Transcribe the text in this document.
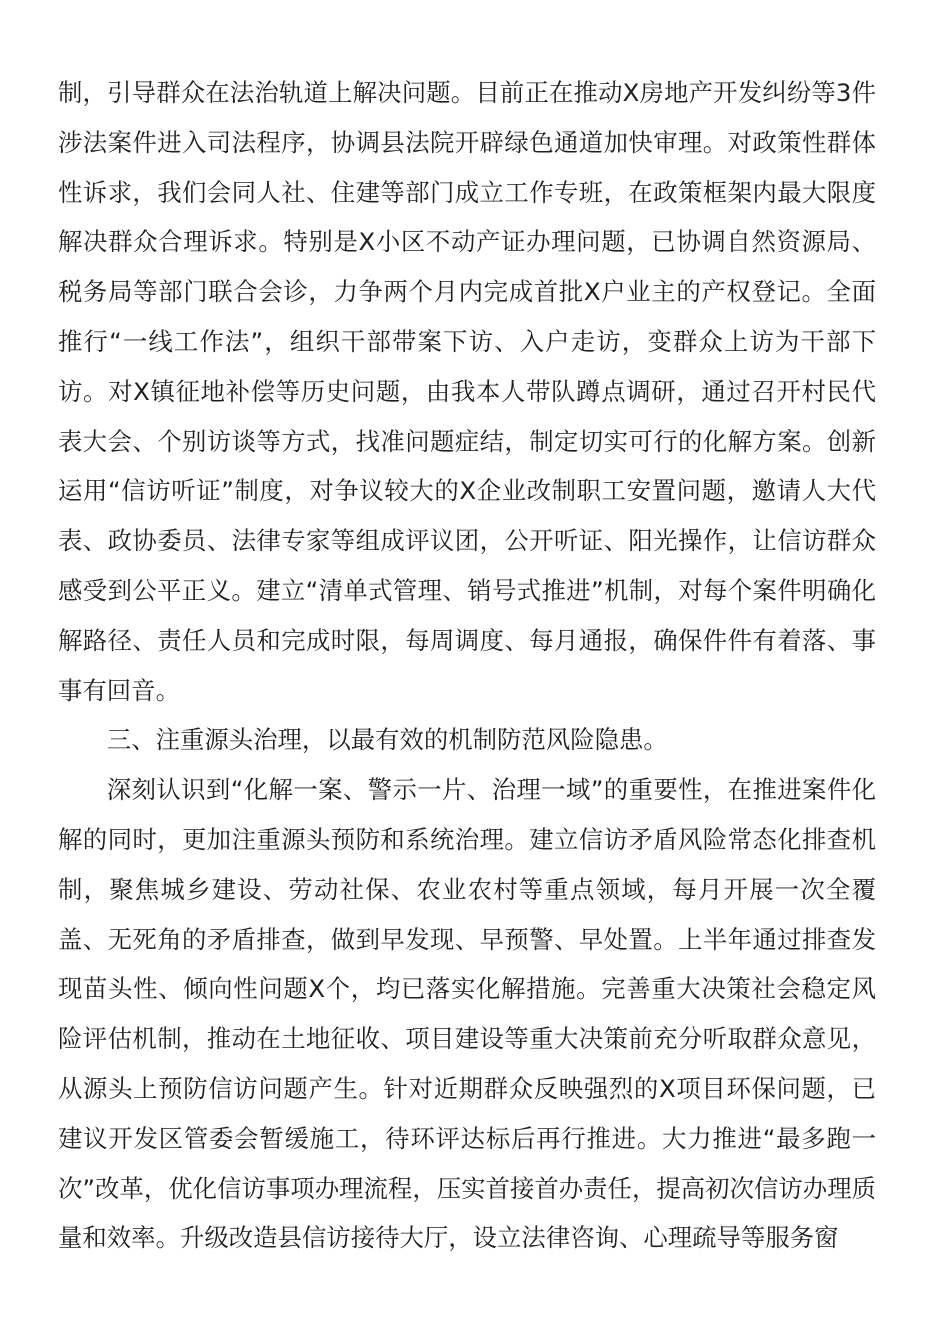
制，引导群众在法治轨道上解决问题。目前正在推动X房地产开发纠纷等3件涉法案件进入司法程序，协调县法院开辟绿色通道加快审理。对政策性群体性诉求，我们会同人社、住建等部门成立工作专班，在政策框架内最大限度解决群众合理诉求。特别是X小区不动产证办理问题，已协调自然资源局、税务局等部门联合会诊，力争两个月内完成首批X户业主的产权登记。全面推行“一线工作法”，组织干部带案下访、入户走访，变群众上访为干部下访。对X镇征地补偿等历史问题，由我本人带队蹲点调研，通过召开村民代表大会、个别访谈等方式，找准问题症结，制定切实可行的化解方案。创新运用“信访听证”制度，对争议较大的X企业改制职工安置问题，邀请人大代表、政协委员、法律专家等组成评议团，公开听证、阳光操作，让信访群众感受到公平正义。建立“清单式管理、销号式推进”机制，对每个案件明确化解路径、责任人员和完成时限，每周调度、每月通报，确保件件有着落、事事有回音。

三、注重源头治理，以最有效的机制防范风险隐患。

深刻认识到“化解一案、警示一片、治理一域”的重要性，在推进案件化解的同时，更加注重源头预防和系统治理。建立信访矛盾风险常态化排查机制，聚焦城乡建设、劳动社保、农业农村等重点领域，每月开展一次全覆盖、无死角的矛盾排查，做到早发现、早预警、早处置。上半年通过排查发现苗头性、倾向性问题X个，均已落实化解措施。完善重大决策社会稳定风险评估机制，推动在土地征收、项目建设等重大决策前充分听取群众意见，从源头上预防信访问题产生。针对近期群众反映强烈的X项目环保问题，已建议开发区管委会暂缓施工，待环评达标后再行推进。大力推进“最多跑一次”改革，优化信访事项办理流程，压实首接首办责任，提高初次信访办理质量和效率。升级改造县信访接待大厅，设立法律咨询、心理疏导等服务窗
